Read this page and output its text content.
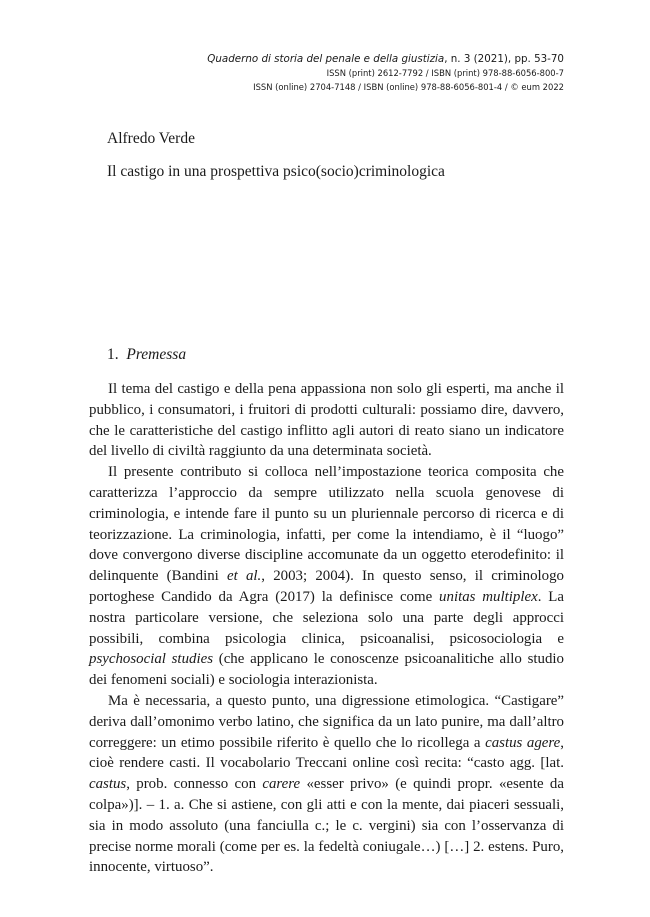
Quaderno di storia del penale e della giustizia, n. 3 (2021), pp. 53-70
ISSN (print) 2612-7792 / ISBN (print) 978-88-6056-800-7
ISSN (online) 2704-7148 / ISBN (online) 978-88-6056-801-4 / © eum 2022
Alfredo Verde
Il castigo in una prospettiva psico(socio)criminologica
1. Premessa

Il tema del castigo e della pena appassiona non solo gli esperti, ma anche il pubblico, i consumatori, i fruitori di prodotti culturali: possiamo dire, davvero, che le caratteristiche del castigo inflitto agli autori di reato siano un indicatore del livello di civiltà raggiunto da una determinata società.

Il presente contributo si colloca nell’impostazione teorica composita che caratterizza l’approccio da sempre utilizzato nella scuola genovese di criminologia, e intende fare il punto su un pluriennale percorso di ricerca e di teorizzazione. La criminologia, infatti, per come la intendiamo, è il “luogo” dove convergono diverse discipline accomunate da un oggetto eterodefinito: il delinquente (Bandini et al., 2003; 2004). In questo senso, il criminologo portoghese Candido da Agra (2017) la definisce come unitas multiplex. La nostra particolare versione, che seleziona solo una parte degli approcci possibili, combina psicologia clinica, psicoanalisi, psicosociologia e psychosocial studies (che applicano le conoscenze psicoanalitiche allo studio dei fenomeni sociali) e sociologia interazionista.

Ma è necessaria, a questo punto, una digressione etimologica. “Castigare” deriva dall’omonimo verbo latino, che significa da un lato punire, ma dall’altro correggere: un etimo possibile riferito è quello che lo ricollega a castus agere, cioè rendere casti. Il vocabolario Treccani online così recita: “casto agg. [lat. castus, prob. connesso con carere «esser privo» (e quindi propr. «esente da colpa»)]. – 1. a. Che si astiene, con gli atti e con la mente, dai piaceri sessuali, sia in modo assoluto (una fanciulla c.; le c. vergini) sia con l’osservanza di precise norme morali (come per es. la fedeltà coniugale…) […] 2. estens. Puro, innocente, virtuoso”.
